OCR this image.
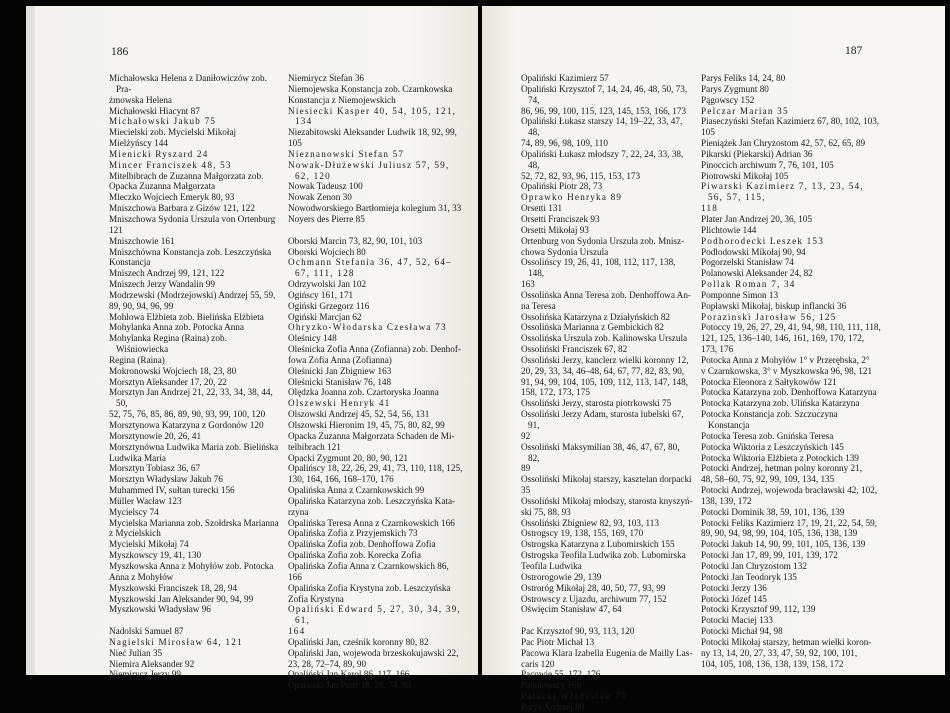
186
Michałowska Helena z Daniłowiczów zob. Pra-
żmowska Helena
Michałowski Hiacynt 87
Michałowski Jakub 75
Miecielski zob. Mycielski Mikołaj
Mielżyńscy 144
Mienicki Ryszard 24
Mincer Franciszek 48, 53
Mitelbibrach de Zuzanna Małgorzata zob.
Opacka Zuzanna Małgorzata
Mleczko Wojciech Emeryk 80, 93
Mniszchowa Barbara z Gizów 121, 122
Mniszchowa Sydonia Urszula von Ortenburg
121
Mniszchowie 161
Mniszchówna Konstancja zob. Leszczyńska
Konstancja
Mniszech Andrzej 99, 121, 122
Mniszech Jerzy Wandalin 99
Modrzewski (Modrzejowski) Andrzej 55, 59,
89, 90, 94, 96, 99
Mohlowa Elżbieta zob. Bielińska Elżbieta
Mohylanka Anna zob. Potocka Anna
Mohylanka Regina (Raina) zob. Wiśniowiecka
Regina (Raina)
Mokronowski Wojciech 18, 23, 80
Morsztyn Aleksander 17, 20, 22
Morsztyn Jan Andrzej 21, 22, 33, 34, 38, 44, 50,
52, 75, 76, 85, 86, 89, 90, 93, 99, 100, 120
Morsztynowa Katarzyna z Gordonów 120
Morsztynowie 20, 26, 41
Morsztynówna Ludwika Maria zob. Bielińska
Ludwika Maria
Morsztyn Tobiasz 36, 67
Morsztyn Władysław Jakub 76
Muhammed IV, sułtan turecki 156
Müller Wacław 123
Mycielscy 74
Mycielska Marianna zob. Szołdrska Marianna
z Mycielskich
Mycielski Mikołaj 74
Myszkowscy 19, 41, 130
Myszkowska Anna z Mohyłów zob. Potocka
Anna z Mohyłów
Myszkowski Franciszek 18, 28, 94
Myszkowski Jan Aleksander 90, 94, 99
Myszkowski Władysław 96
Nadolski Samuel 87
Nagielski Mirosław 64, 121
Nieć Julian 35
Niemira Aleksander 92
Niemirycz Jerzy 99
Niemirycz Stefan 36
Niemojewska Konstancja zob. Czarnkowska
Konstancja z Niemojewskich
Niesiecki Kasper 40, 54, 105, 121, 134
Niezabitowski Aleksander Ludwik 18, 92, 99,
105
Nieznanowski Stefan 57
Nowak-Dłużewski Juliusz 57, 59, 62, 120
Nowak Tadeusz 100
Nowak Zenon 30
Nowodworskiego Bartłomieja kolegium 31, 33
Noyers des Pierre 85
Oborski Marcin 73, 82, 90, 101, 103
Oborski Wojciech 80
Ochmann Stefania 36, 47, 52, 64–67, 111, 128
Odrzywolski Jan 102
Ogińscy 161, 171
Ogiński Grzegorz 116
Ogiński Marcjan 62
Ohryzko-Włodarska Czesława 73
Oleśnicy 148
Oleśnicka Zofia Anna (Zofianna) zob. Denhof-
fowa Zofia Anna (Zofianna)
Oleśnicki Jan Zbigniew 163
Oleśnicki Stanisław 76, 148
Olędzka Joanna zob. Czartoryska Joanna
Olszewski Henryk 41
Olszowski Andrzej 45, 52, 54, 56, 131
Olszowski Hieronim 19, 45, 75, 80, 82, 99
Opacka Zuzanna Małgorzata Schaden de Mi-
telbibrach 121
Opacki Zygmunt 20, 80, 90, 121
Opalińscy 18, 22, 26, 29, 41, 73, 110, 118, 125,
130, 164, 166, 168–170, 176
Opalińska Anna z Czarnkowskich 99
Opalińska Katarzyna zob. Leszczyńska Kata-
rzyna
Opalińska Teresa Anna z Czarnkowskich 166
Opalińska Zofia z Przyjemskich 73
Opalińska Zofia zob. Denhoffowa Zofia
Opalińska Zofia zob. Korecka Zofia
Opalińska Zofia Anna z Czarnkowskich 86,
166
Opalińska Zofia Krystyna zob. Leszczyńska
Zofia Krystyna
Opaliński Edward 5, 27, 30, 34, 39, 61,
164
Opaliński Jan, cześnik koronny 80, 82
Opaliński Jan, wojewoda brzeskokujawski 22,
23, 28, 72–74, 89, 90
Opaliński Jan Karol 86, 117, 166
Opaliński Jan Piotr 18, 28, 74, 93
187
Opaliński Kazimierz 57
Opaliński Krzysztof 7, 14, 24, 46, 48, 50, 73, 74,
86, 96, 99, 100, 115, 123, 145, 153, 166, 173
Opaliński Łukasz starszy 14, 19–22, 33, 47, 48,
74, 89, 96, 98, 109, 110
Opaliński Łukasz młodszy 7, 22, 24, 33, 38, 48,
52, 72, 82, 93, 96, 115, 153, 173
Opaliński Piotr 28, 73
Oprawko Henryka 89
Orsetti 131
Orsetti Franciszek 93
Orsetti Mikołaj 93
Ortenburg von Sydonia Urszula zob. Mnisz-
chowa Sydonia Urszula
Ossolińscy 19, 26, 41, 108, 112, 117, 138, 148,
163
Ossolińska Anna Teresa zob. Denhoffowa An-
na Teresa
Ossolińska Katarzyna z Działyńskich 82
Ossolińska Marianna z Gembickich 82
Ossolińska Urszula zob. Kalinowska Urszula
Ossoliński Franciszek 67, 82
Ossoliński Jerzy, kanclerz wielki koronny 12,
20, 29, 33, 34, 46–48, 64, 67, 77, 82, 83, 90,
91, 94, 99, 104, 105, 109, 112, 113, 147, 148,
158, 172, 173, 175
Ossoliński Jerzy, starosta piotrkowski 75
Ossoliński Jerzy Adam, starosta lubelski 67, 91,
92
Ossoliński Maksymilian 38, 46, 47, 67, 80, 82,
89
Ossoliński Mikołaj starszy, kasztelan dorpacki
35
Ossoliński Mikołaj młodszy, starosta knyszyń-
ski 75, 88, 93
Ossoliński Zbigniew 82, 93, 103, 113
Ostrogscy 19, 138, 155, 169, 170
Ostrogska Katarzyna z Lubomirskich 155
Ostrogska Teofila Ludwika zob. Lubomirska
Teofila Ludwika
Ostrorogowie 29, 139
Ostroróg Mikołaj 28, 40, 50, 77, 93, 99
Ostrowscy z Ujazdu, archiwum 77, 152
Oświęcim Stanisław 47, 64
Pac Krzysztof 90, 93, 113, 120
Pac Piotr Michał 13
Pacowa Klara Izabella Eugenia de Mailly Las-
caris 120
Pacowie 55, 172, 176
Padniewscy 166
Pałucki Władysław 70
Parys Andrzej 80
Parys Feliks 14, 24, 80
Parys Zygmunt 80
Pągowscy 152
Pelczar Marian 35
Piaseczyński Stefan Kazimierz 67, 80, 102, 103,
105
Pieniążek Jan Chryzostom 42, 57, 62, 65, 89
Pikarski (Piekarski) Adrian 36
Pinoccich archiwum 7, 76, 101, 105
Piotrowski Mikołaj 105
Piwarski Kazimierz 7, 13, 23, 54, 56, 57, 115,
118
Plater Jan Andrzej 20, 36, 105
Plichtowie 144
Podhorodecki Leszek 153
Podlodowski Mikołaj 90, 94
Pogorzelski Stanisław 74
Polanowski Aleksander 24, 82
Pollak Roman 7, 34
Pomponne Simon 13
Popławski Mikołaj, biskup inflancki 36
Porazinski Jarosław 56, 125
Potoccy 19, 26, 27, 29, 41, 94, 98, 110, 111, 118,
121, 125, 136–140, 146, 161, 169, 170, 172,
173, 176
Potocka Anna z Mohyłów 1° v Przerębska, 2°
v Czarnkowska, 3° v Myszkowska 96, 98, 121
Potocka Eleonora z Sałtykowów 121
Potocka Katarzyna zob. Denhoffowa Katarzyna
Potocka Katarzyna zob. Ulińska Katarzyna
Potocka Konstancja zob. Szczuczyna Konstancja
Potocka Teresa zob. Gnińska Teresa
Potocka Wiktoria z Leszczyńskich 145
Potocka Wiktoria Elżbieta z Potockich 139
Potocki Andrzej, hetman polny koronny 21,
48, 58–60, 75, 92, 99, 109, 134, 135
Potocki Andrzej, wojewoda bracławski 42, 102,
138, 139, 172
Potocki Dominik 38, 59, 101, 136, 139
Potocki Feliks Kazimierz 17, 19, 21, 22, 54, 59,
89, 90, 94, 98, 99, 104, 105, 136, 138, 139
Potocki Jakub 14, 90, 99, 101, 105, 136, 139
Potocki Jan 17, 89, 99, 101, 139, 172
Potocki Jan Chryzostom 132
Potocki Jan Teodoryk 135
Potocki Jerzy 136
Potocki Józef 145
Potocki Krzysztof 99, 112, 139
Potocki Maciej 133
Potocki Michał 94, 98
Potocki Mikołaj starszy, hetman wielki koron-
ny 13, 14, 20, 27, 33, 47, 59, 92, 100, 101,
104, 105, 108, 136, 138, 139, 158, 172
